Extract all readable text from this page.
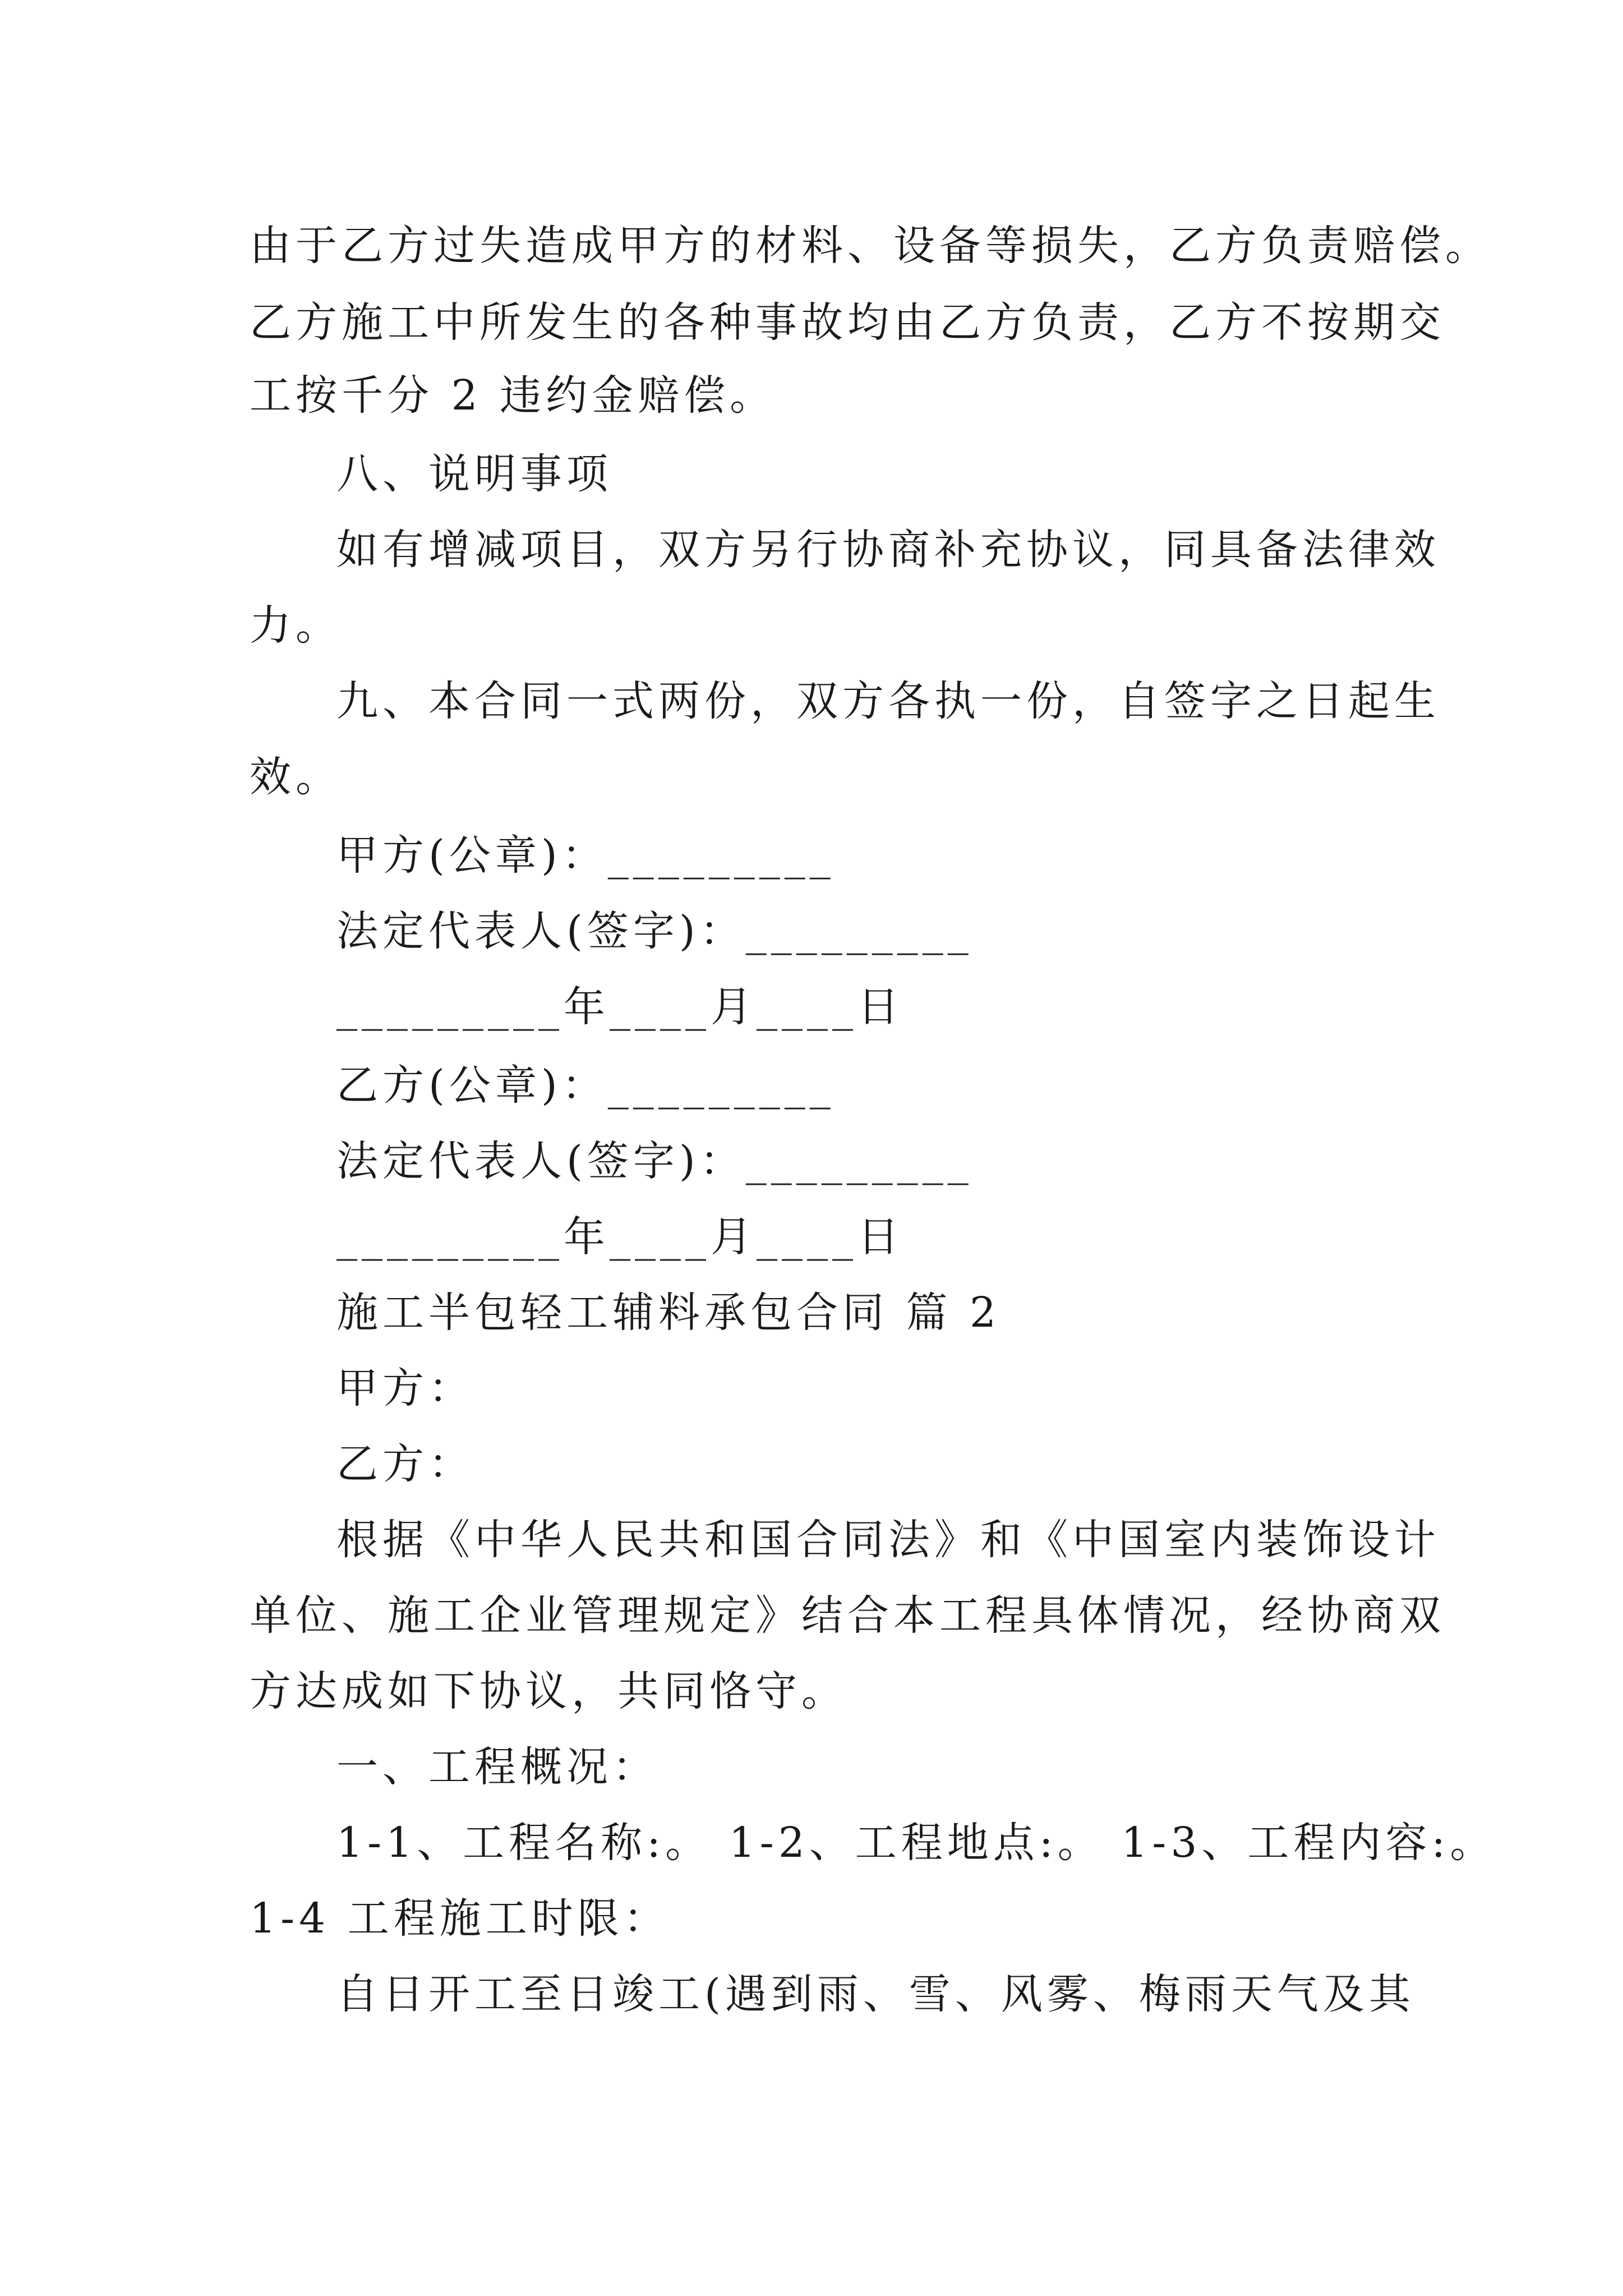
由于乙方过失造成甲方的材料、设备等损失，乙方负责赔偿。

乙方施工中所发生的各种事故均由乙方负责，乙方不按期交

工按千分 2 违约金赔偿。

八、说明事项

如有增减项目，双方另行协商补充协议，同具备法律效

力。

九、本合同一式两份，双方各执一份，自签字之日起生

效。

甲方(公章)：_________

法定代表人(签字)：_________

_________年____月____日

乙方(公章)：_________

法定代表人(签字)：_________

_________年____月____日

施工半包轻工辅料承包合同 篇 2

甲方：

乙方：

根据《中华人民共和国合同法》和《中国室内装饰设计

单位、施工企业管理规定》结合本工程具体情况，经协商双

方达成如下协议，共同恪守。

一、工程概况：

1-1、工程名称:。 1-2、工程地点:。 1-3、工程内容:。

1-4 工程施工时限：

自日开工至日竣工(遇到雨、雪、风雾、梅雨天气及其
